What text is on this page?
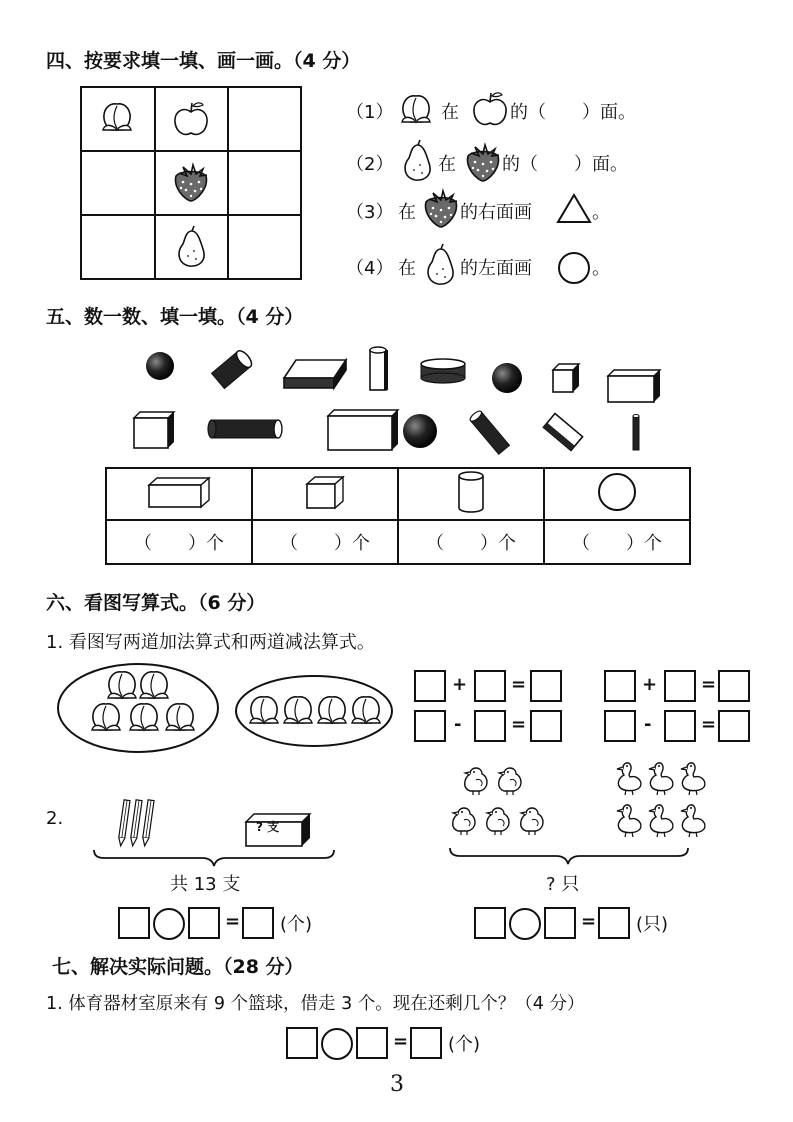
四、按要求填一填、画一画。（4 分）
（1）	在	的（　　）面。
（2） 在	的（　　）面。
（3） 在 的右面画	。
（4） 在 的左面画	。
五、数一数、填一填。（4 分）

（　　）个	（　　）个	（　　）个	（　　）个
六、看图写算式。（6 分）
1. 看图写两道加法算式和两道减法算式。
+ =
-	=
+ =
-	=
2.	? 支
共 13 支	? 只
= (个)	= (只)
七、解决实际问题。（28 分）
1. 体育器材室原来有 9 个篮球，借走 3 个。现在还剩几个？（4 分）
= (个)
3
